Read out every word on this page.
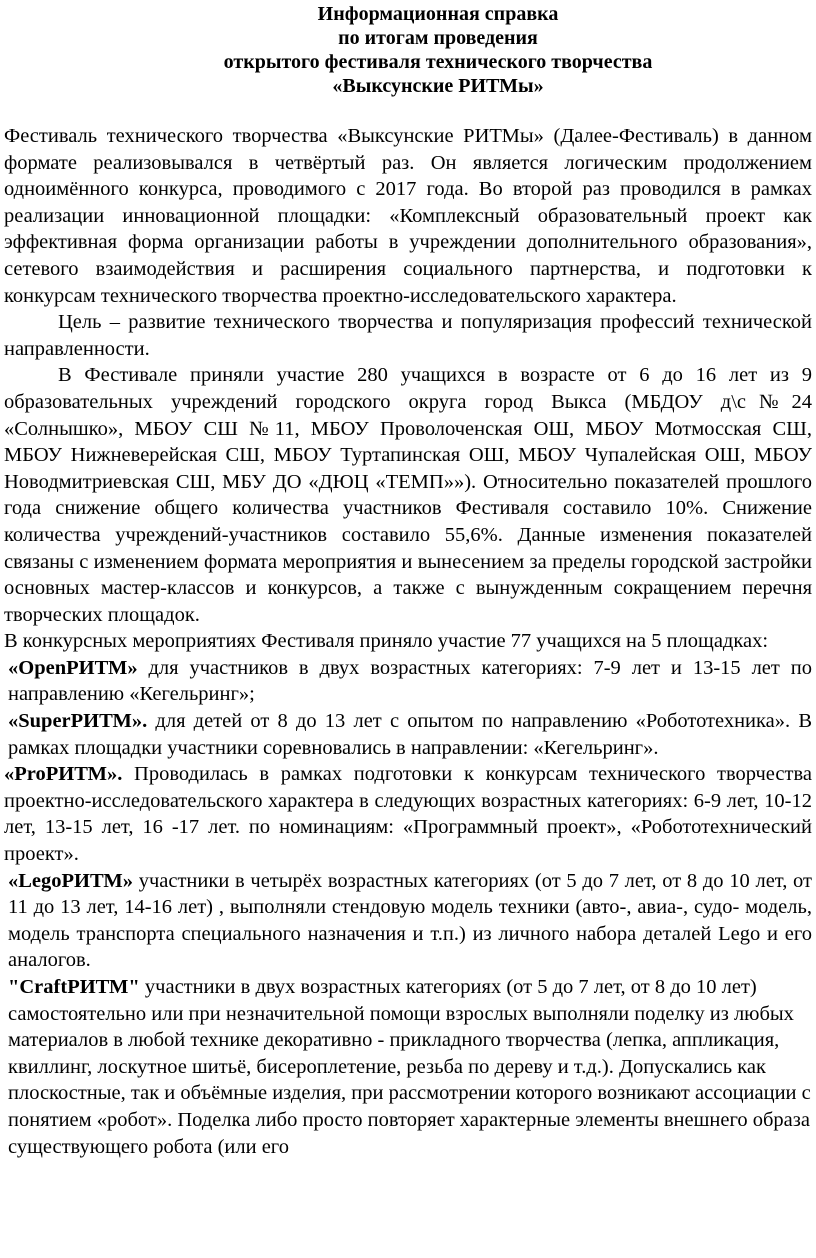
Информационная справка
по итогам проведения
открытого фестиваля технического творчества
«Выксунские РИТМы»

Фестиваль технического творчества «Выксунские РИТМы» (Далее-Фестиваль) в данном формате реализовывался в четвёртый раз. Он является логическим продолжением одноимённого конкурса, проводимого с 2017 года. Во второй раз проводился в рамках реализации инновационной площадки: «Комплексный образовательный проект как эффективная форма организации работы в учреждении дополнительного образования», сетевого взаимодействия и расширения социального партнерства, и подготовки к конкурсам технического творчества проектно-исследовательского характера.

Цель – развитие технического творчества и популяризация профессий технической направленности.

В Фестивале приняли участие 280 учащихся в возрасте от 6 до 16 лет из 9 образовательных учреждений городского округа город Выкса (МБДОУ д\с№24 «Солнышко», МБОУ СШ №11, МБОУ Проволоченская ОШ, МБОУ Мотмосская СШ, МБОУ Нижневерейская СШ, МБОУ Туртапинская ОШ, МБОУ Чупалейская ОШ, МБОУ Новодмитриевская СШ, МБУ ДО «ДЮЦ «ТЕМП»»). Относительно показателей прошлого года снижение общего количества участников Фестиваля составило 10%. Снижение количества учреждений-участников составило 55,6%. Данные изменения показателей связаны с изменением формата мероприятия и вынесением за пределы городской застройки основных мастер-классов и конкурсов, а также с вынужденным сокращением перечня творческих площадок.

В конкурсных мероприятиях Фестиваля приняло участие 77 учащихся на 5 площадках:

«OpenРИТМ» для участников в двух возрастных категориях: 7-9 лет и 13-15 лет по направлению «Кегельринг»;

«SuperРИТМ». для детей от 8 до 13 лет с опытом по направлению «Робототехника». В рамках площадки участники соревновались в направлении: «Кегельринг».

«ProРИТМ». Проводилась в рамках подготовки к конкурсам технического творчества проектно-исследовательского характера в следующих возрастных категориях: 6-9 лет, 10-12 лет, 13-15 лет, 16 -17 лет. по номинациям: «Программный проект», «Робототехнический проект».

«LegoРИТМ» участники в четырёх возрастных категориях (от 5 до 7 лет, от 8 до 10 лет, от 11 до 13 лет, 14-16 лет) , выполняли стендовую модель техники (авто-, авиа-, судо- модель, модель транспорта специального назначения и т.п.) из личного набора деталей Lego и его аналогов.

"CraftРИТМ" участники в двух возрастных категориях (от 5 до 7 лет, от 8 до 10 лет) самостоятельно или при незначительной помощи взрослых выполняли поделку из любых материалов в любой технике декоративно - прикладного творчества (лепка, аппликация, квиллинг, лоскутное шитьё, бисероплетение, резьба по дереву и т.д.). Допускались как плоскостные, так и объёмные изделия, при рассмотрении которого возникают ассоциации с понятием «робот». Поделка либо просто повторяет характерные элементы внешнего образа существующего робота (или его
